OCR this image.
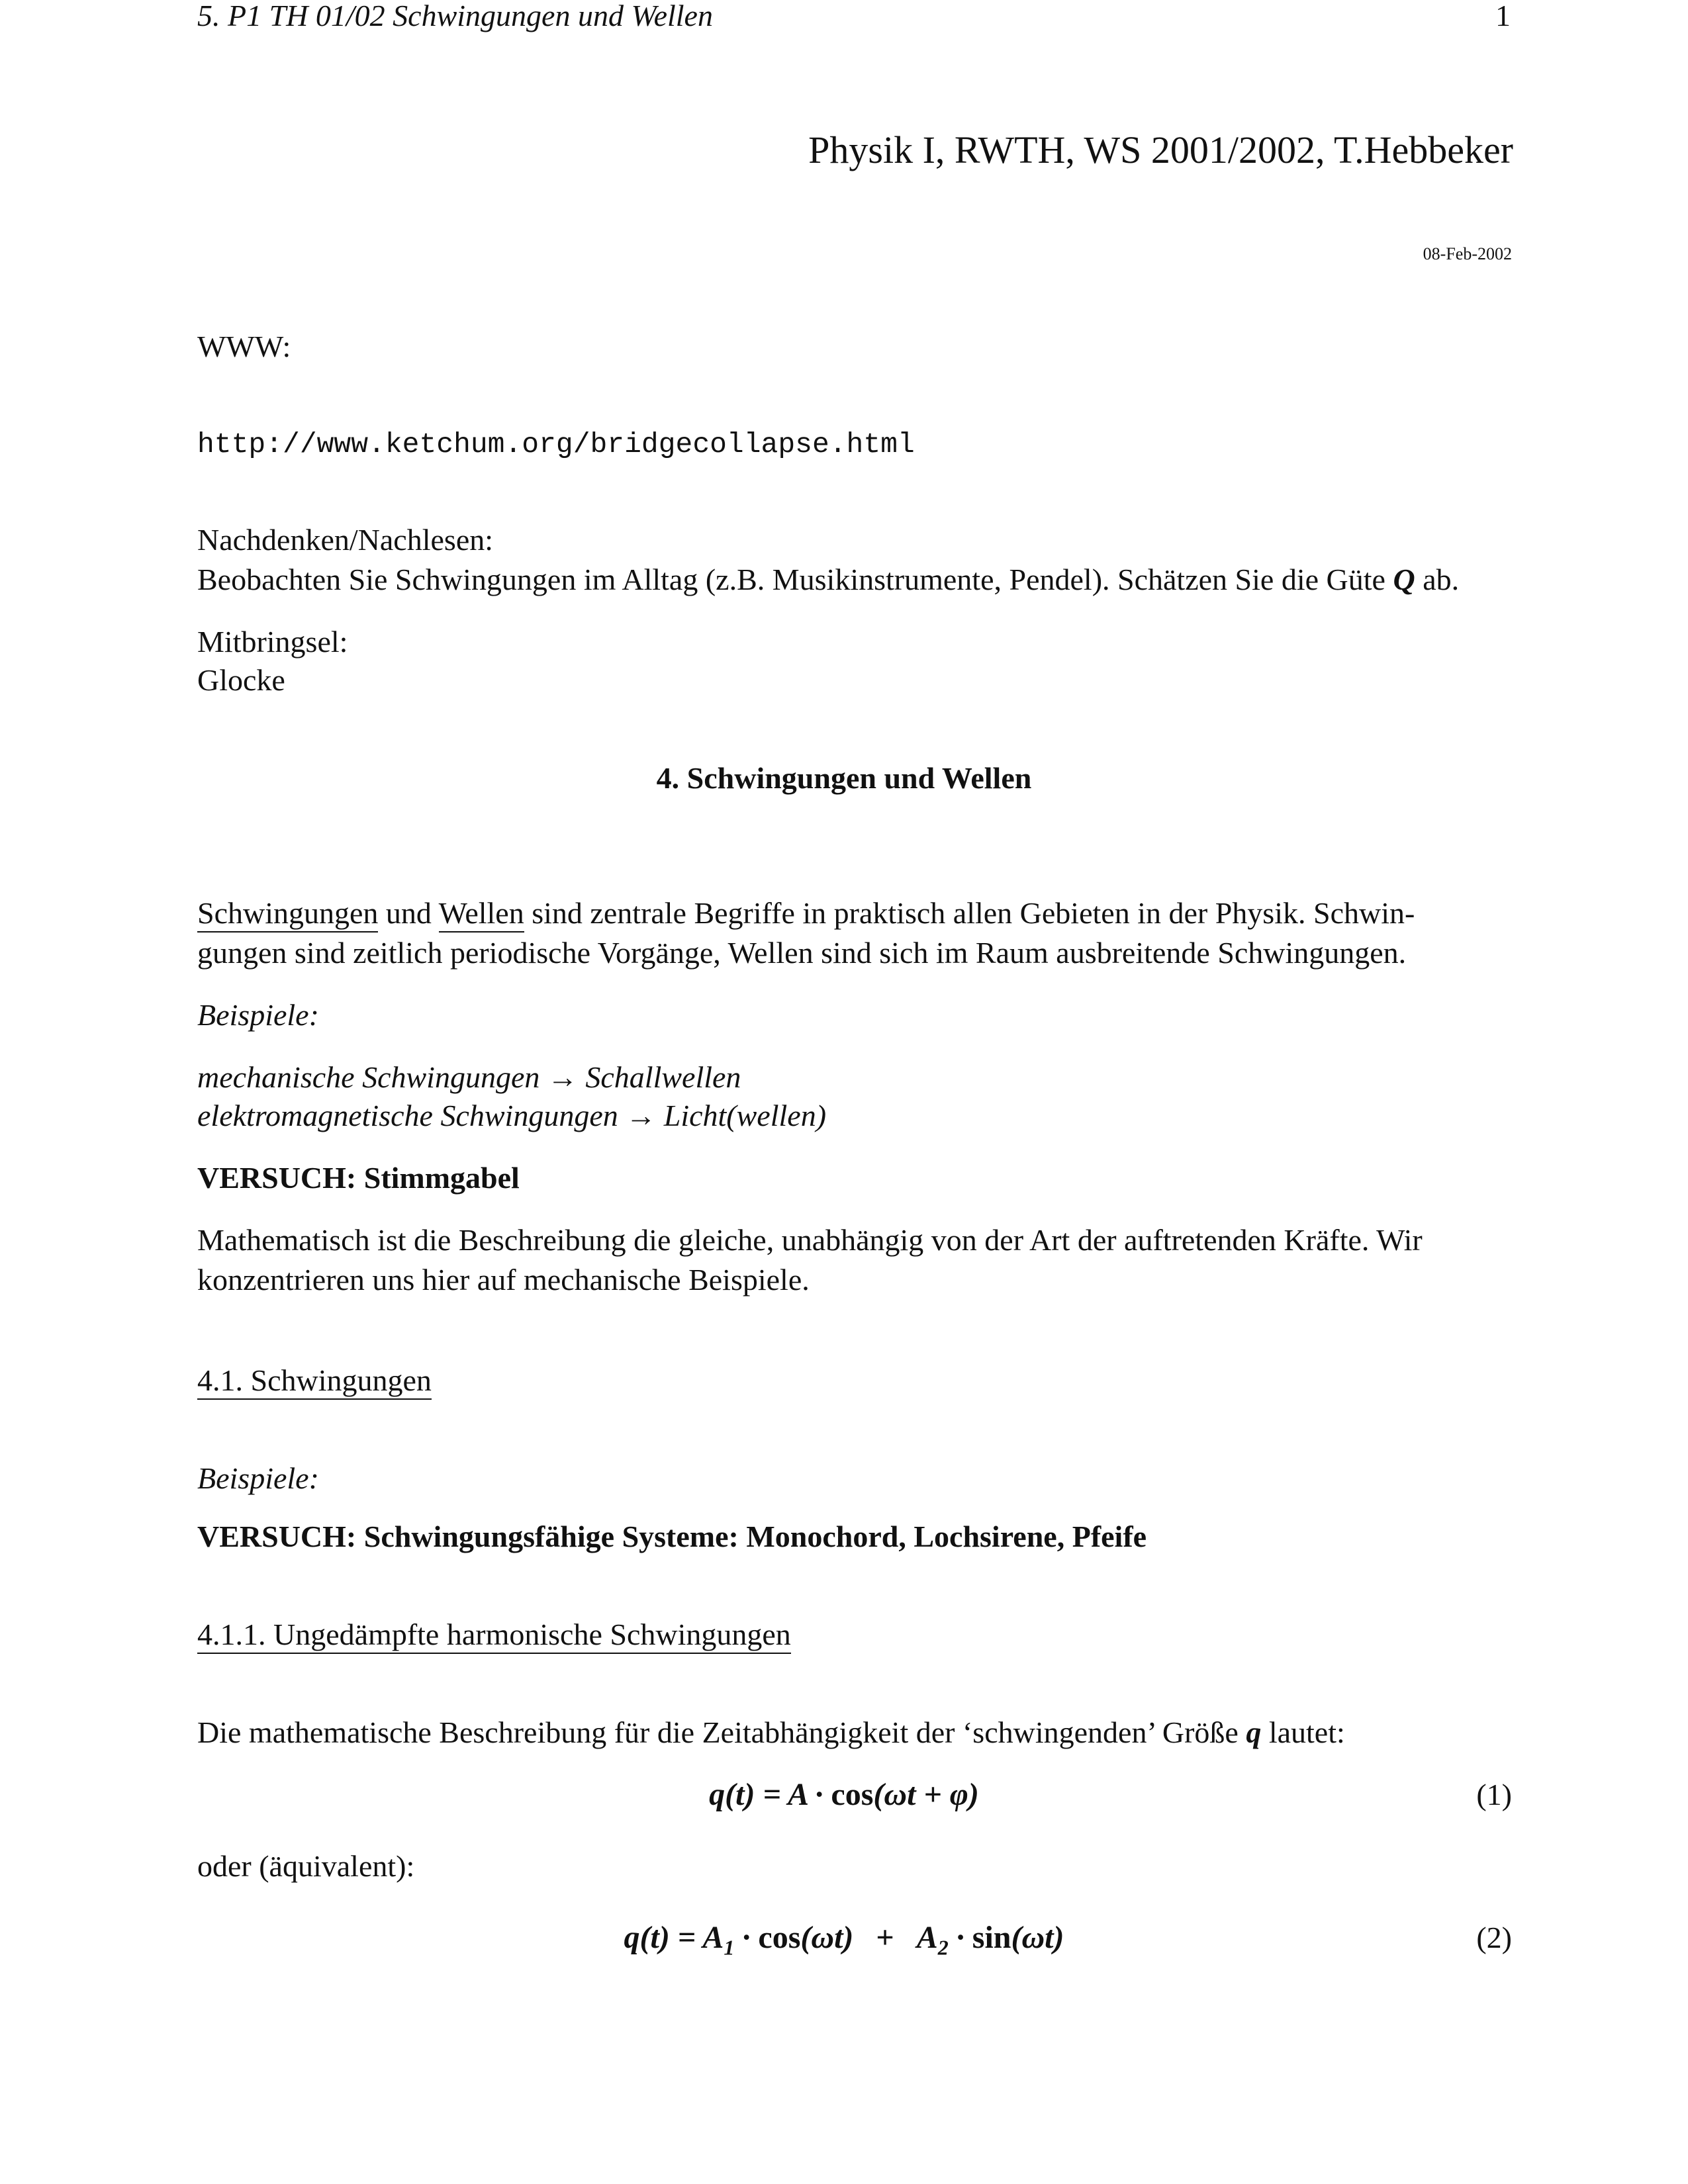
5. P1 TH 01/02 Schwingungen und Wellen	1
Physik I, RWTH, WS 2001/2002, T.Hebbeker
08-Feb-2002
WWW:
http://www.ketchum.org/bridgecollapse.html
Nachdenken/Nachlesen:
Beobachten Sie Schwingungen im Alltag (z.B. Musikinstrumente, Pendel). Schätzen Sie die Güte Q ab.
Mitbringsel:
Glocke
4. Schwingungen und Wellen
Schwingungen und Wellen sind zentrale Begriffe in praktisch allen Gebieten in der Physik. Schwin-
gungen sind zeitlich periodische Vorgänge, Wellen sind sich im Raum ausbreitende Schwingungen.
Beispiele:
mechanische Schwingungen → Schallwellen
elektromagnetische Schwingungen → Licht(wellen)
VERSUCH: Stimmgabel
Mathematisch ist die Beschreibung die gleiche, unabhängig von der Art der auftretenden Kräfte. Wir
konzentrieren uns hier auf mechanische Beispiele.
4.1. Schwingungen
Beispiele:
VERSUCH: Schwingungsfähige Systeme: Monochord, Lochsirene, Pfeife
4.1.1. Ungedämpfte harmonische Schwingungen
Die mathematische Beschreibung für die Zeitabhängigkeit der ‘schwingenden’ Größe q lautet:
q(t) = A · cos(ωt + φ)	(1)
oder (äquivalent):
$q(t) = A_1 \cdot \cos(\omega t) + A_2 \cdot \sin(\omega t)$	(2)
